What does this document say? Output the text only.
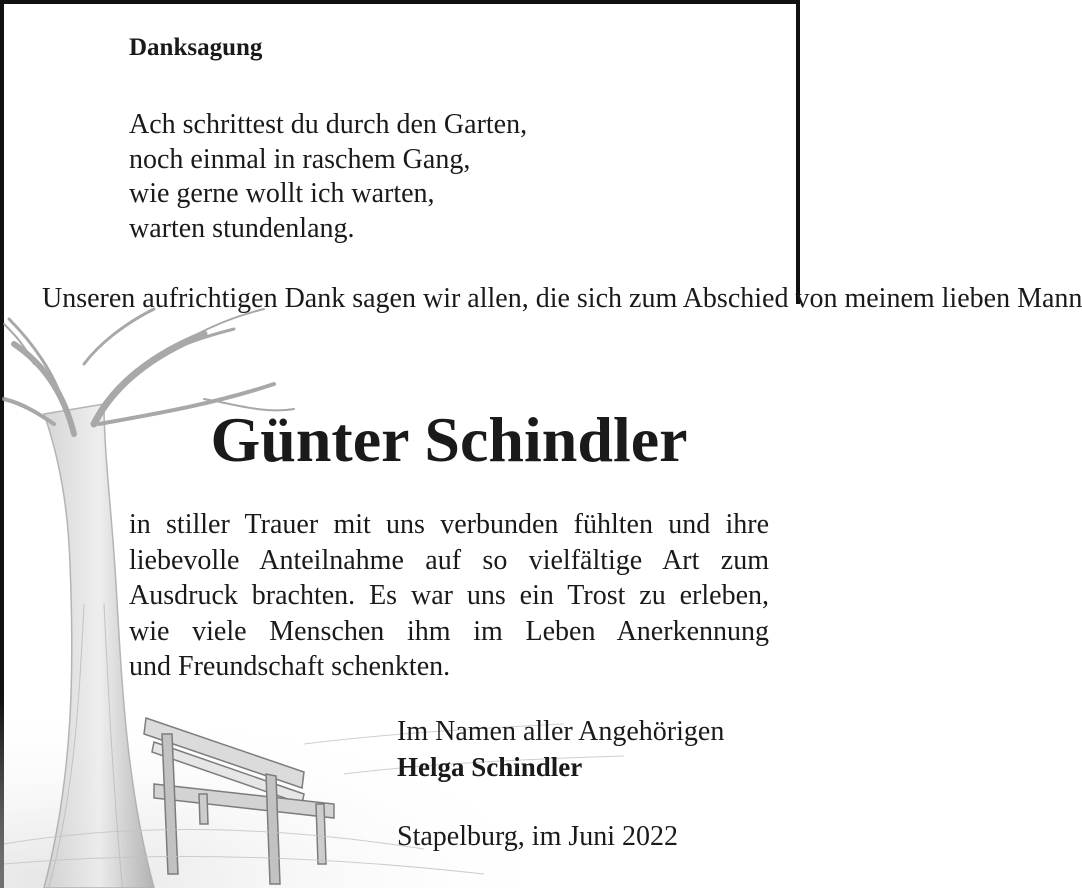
Danksagung
Ach schrittest du durch den Garten,
noch einmal in raschem Gang,
wie gerne wollt ich warten,
warten stundenlang.
Unseren aufrichtigen Dank sagen wir allen, die sich zum Abschied von meinem lieben Mann
Günter Schindler
in stiller Trauer mit uns verbunden fühlten und ihre
liebevolle Anteilnahme auf so vielfältige Art zum
Ausdruck brachten. Es war uns ein Trost zu erleben,
wie viele Menschen ihm im Leben Anerkennung
und Freundschaft schenkten.
Im Namen aller Angehörigen
Helga Schindler
Stapelburg, im Juni 2022
